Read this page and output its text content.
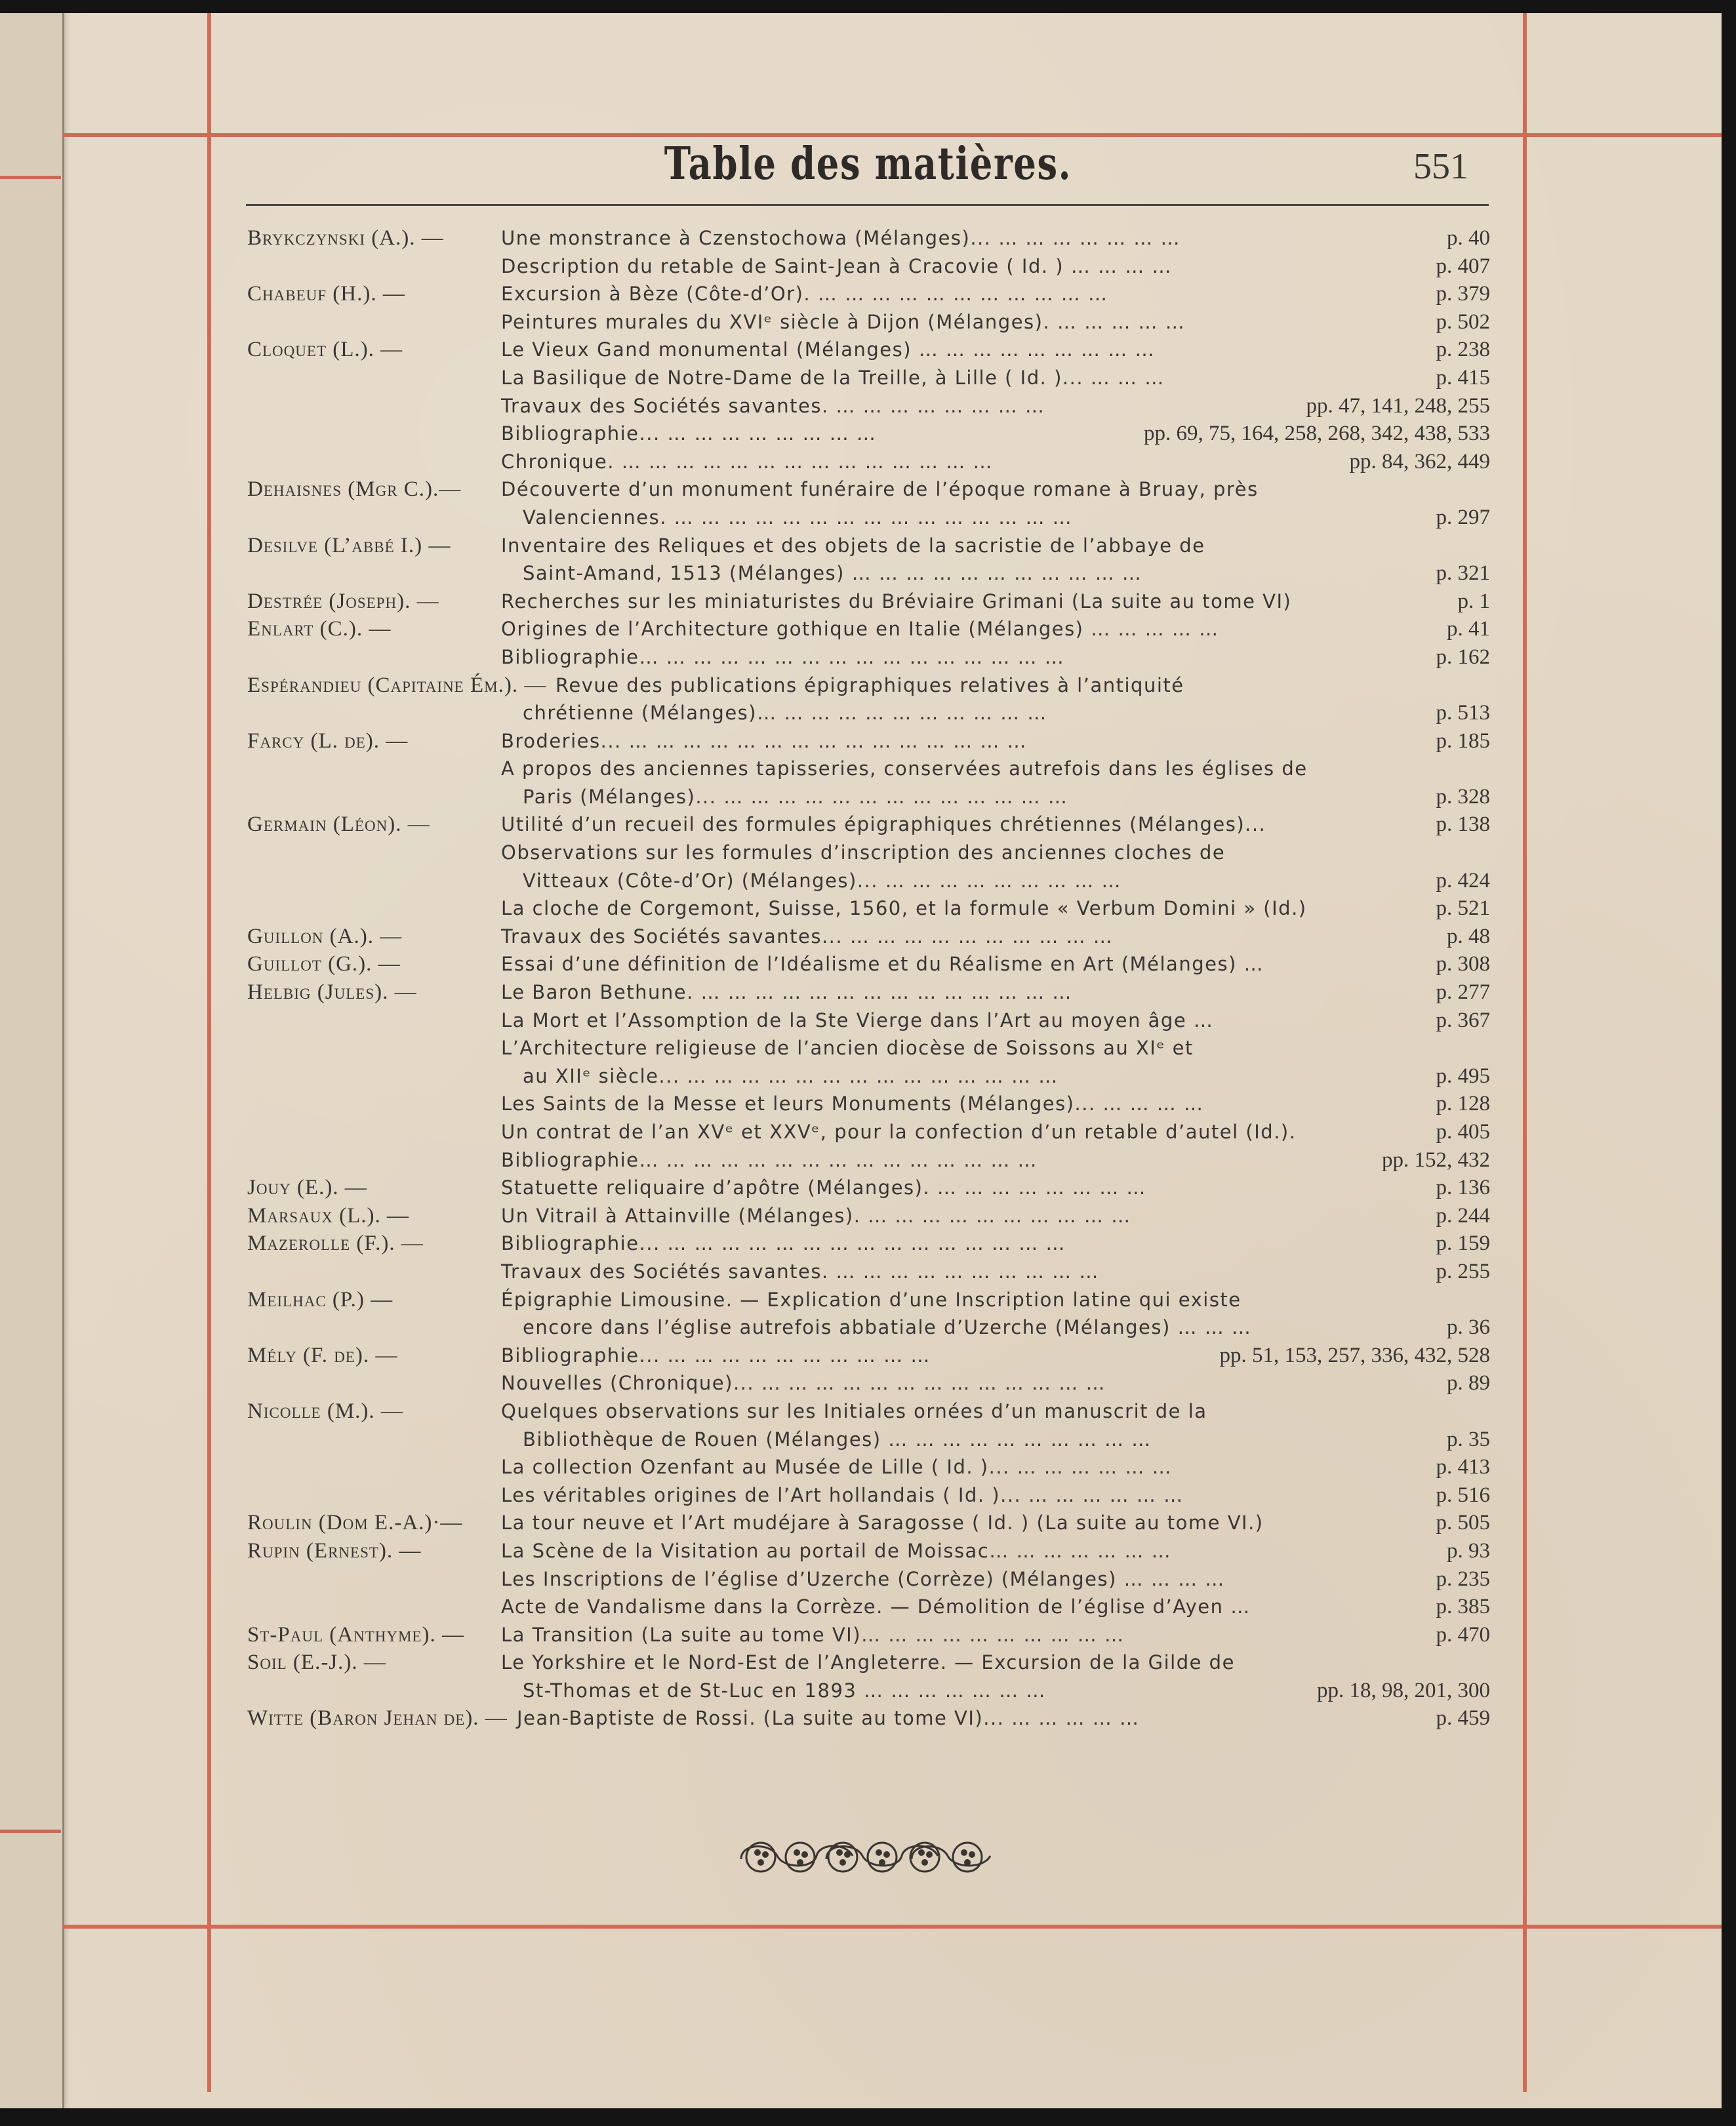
Table des matières.	551
Brykczynski (A.). —	Une monstrance à Czenstochowa (Mélanges)... … … … … … … …	p. 40
Description du retable de Saint-Jean à Cracovie ( Id. ) … … … …	p. 407
Chabeuf (H.). —	Excursion à Bèze (Côte-d’Or). … … … … … … … … … … …	p. 379
Peintures murales du XVIᵉ siècle à Dijon (Mélanges). … … … … …	p. 502
Cloquet (L.). —	Le Vieux Gand monumental (Mélanges) … … … … … … … … …	p. 238
La Basilique de Notre-Dame de la Treille, à Lille ( Id. )... … … …	p. 415
Travaux des Sociétés savantes. … … … … … … … …	pp. 47, 141, 248, 255
Bibliographie... … … … … … … … …	pp. 69, 75, 164, 258, 268, 342, 438, 533
Chronique. … … … … … … … … … … … … … …	pp. 84, 362, 449
Dehaisnes (Mgr C.).— Découverte d’un monument funéraire de l’époque romane à Bruay, près
Valenciennes. … … … … … … … … … … … … … … …	p. 297
Desilve (L’abbé I.) —	Inventaire des Reliques et des objets de la sacristie de l’abbaye de
Saint-Amand, 1513 (Mélanges) … … … … … … … … … … …	p. 321
Destrée (Joseph). —	Recherches sur les miniaturistes du Bréviaire Grimani (La suite au tome VI)	p. 1
Enlart (C.). —	Origines de l’Architecture gothique en Italie (Mélanges) … … … … …	p. 41
Bibliographie… … … … … … … … … … … … … … … …	p. 162
Espérandieu (Capitaine Ém.). — Revue des publications épigraphiques relatives à l’antiquité
chrétienne (Mélanges)… … … … … … … … … … …	p. 513
Farcy (L. de). —	Broderies... … … … … … … … … … … … … … … …	p. 185
A propos des anciennes tapisseries, conservées autrefois dans les églises de
Paris (Mélanges)... … … … … … … … … … … … … …	p. 328
Germain (Léon). —	Utilité d’un recueil des formules épigraphiques chrétiennes (Mélanges)...	p. 138
Observations sur les formules d’inscription des anciennes cloches de
Vitteaux (Côte-d’Or) (Mélanges)... … … … … … … … … …	p. 424
La cloche de Corgemont, Suisse, 1560, et la formule « Verbum Domini » (Id.)	p. 521
Guillon (A.). —	Travaux des Sociétés savantes... … … … … … … … … … …	p. 48
Guillot (G.). —	Essai d’une définition de l’Idéalisme et du Réalisme en Art (Mélanges) …	p. 308
Helbig (Jules). —	Le Baron Bethune. … … … … … … … … … … … … … …	p. 277
La Mort et l’Assomption de la Ste Vierge dans l’Art au moyen âge …	p. 367
L’Architecture religieuse de l’ancien diocèse de Soissons au XIᵉ et
au XIIᵉ siècle... … … … … … … … … … … … … … …	p. 495
Les Saints de la Messe et leurs Monuments (Mélanges)... … … … …	p. 128
Un contrat de l’an XVᵉ et XXVᵉ, pour la confection d’un retable d’autel (Id.).	p. 405
Bibliographie… … … … … … … … … … … … … … …	pp. 152, 432
Jouy (E.). —	Statuette reliquaire d’apôtre (Mélanges). … … … … … … … …	p. 136
Marsaux (L.). —	Un Vitrail à Attainville (Mélanges). … … … … … … … … … …	p. 244
Mazerolle (F.). —	Bibliographie... … … … … … … … … … … … … … … …	p. 159
Travaux des Sociétés savantes. … … … … … … … … … …	p. 255
Meilhac (P.) —	Épigraphie Limousine. — Explication d’une Inscription latine qui existe
encore dans l’église autrefois abbatiale d’Uzerche (Mélanges) … … …	p. 36
Mély (F. de). —	Bibliographie... … … … … … … … … … …	pp. 51, 153, 257, 336, 432, 528
Nouvelles (Chronique)... … … … … … … … … … … … … …	p. 89
Nicolle (M.). —	Quelques observations sur les Initiales ornées d’un manuscrit de la
Bibliothèque de Rouen (Mélanges) … … … … … … … … … …	p. 35
La collection Ozenfant au Musée de Lille ( Id. )... … … … … … …	p. 413
Les véritables origines de l’Art hollandais ( Id. )... … … … … … …	p. 516
Roulin (Dom E.-A.)·— La tour neuve et l’Art mudéjare à Saragosse ( Id. ) (La suite au tome VI.)	p. 505
Rupin (Ernest). —	La Scène de la Visitation au portail de Moissac… … … … … … …	p. 93
Les Inscriptions de l’église d’Uzerche (Corrèze) (Mélanges) … … … …	p. 235
Acte de Vandalisme dans la Corrèze. — Démolition de l’église d’Ayen …	p. 385
St-Paul (Anthyme). — La Transition (La suite au tome VI)… … … … … … … … … …	p. 470
Soil (E.-J.). —	Le Yorkshire et le Nord-Est de l’Angleterre. — Excursion de la Gilde de
St-Thomas et de St-Luc en 1893 … … … … … … …	pp. 18, 98, 201, 300
Witte (Baron Jehan de). — Jean-Baptiste de Rossi. (La suite au tome VI)... … … … … …	p. 459
